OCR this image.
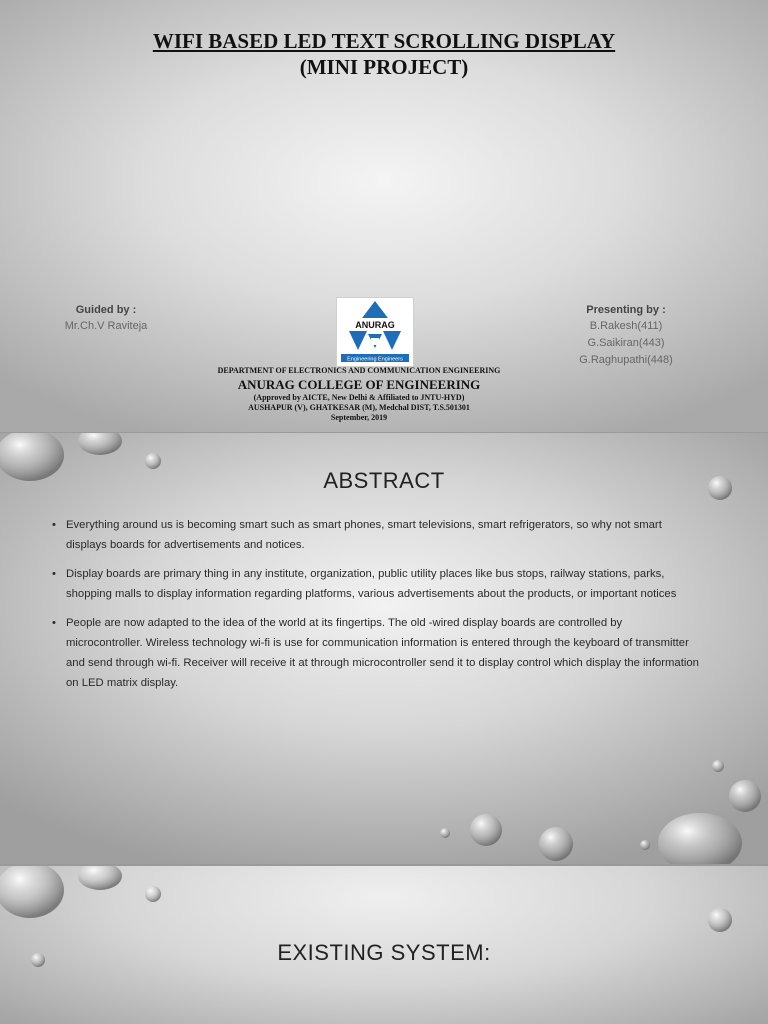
WIFI BASED LED TEXT SCROLLING DISPLAY
(MINI PROJECT)
Guided by :
Mr.Ch.V Raviteja	ANURAG
Engineering Engineers
Presenting by :
B.Rakesh(411)
G.Saikiran(443)
G.Raghupathi(448)
DEPARTMENT OF ELECTRONICS AND COMMUNICATION ENGINEERING
ANURAG COLLEGE OF ENGINEERING
(Approved by AICTE, New Delhi & Affiliated to JNTU-HYD)
AUSHAPUR (V), GHATKESAR (M), Medchal DIST, T.S.501301
September, 2019
ABSTRACT
• Everything around us is becoming smart such as smart phones, smart televisions, smart refrigerators, so why not smart displays boards for advertisements and notices.
• Display boards are primary thing in any institute, organization, public utility places like bus stops, railway stations, parks, shopping malls to display information regarding platforms, various advertisements about the products, or important notices
• People are now adapted to the idea of the world at its fingertips. The old -wired display boards are controlled by microcontroller. Wireless technology wi-fi is use for communication information is entered through the keyboard of transmitter and send through wi-fi. Receiver will receive it at through microcontroller send it to display control which display the information on LED matrix display.
EXISTING SYSTEM:
